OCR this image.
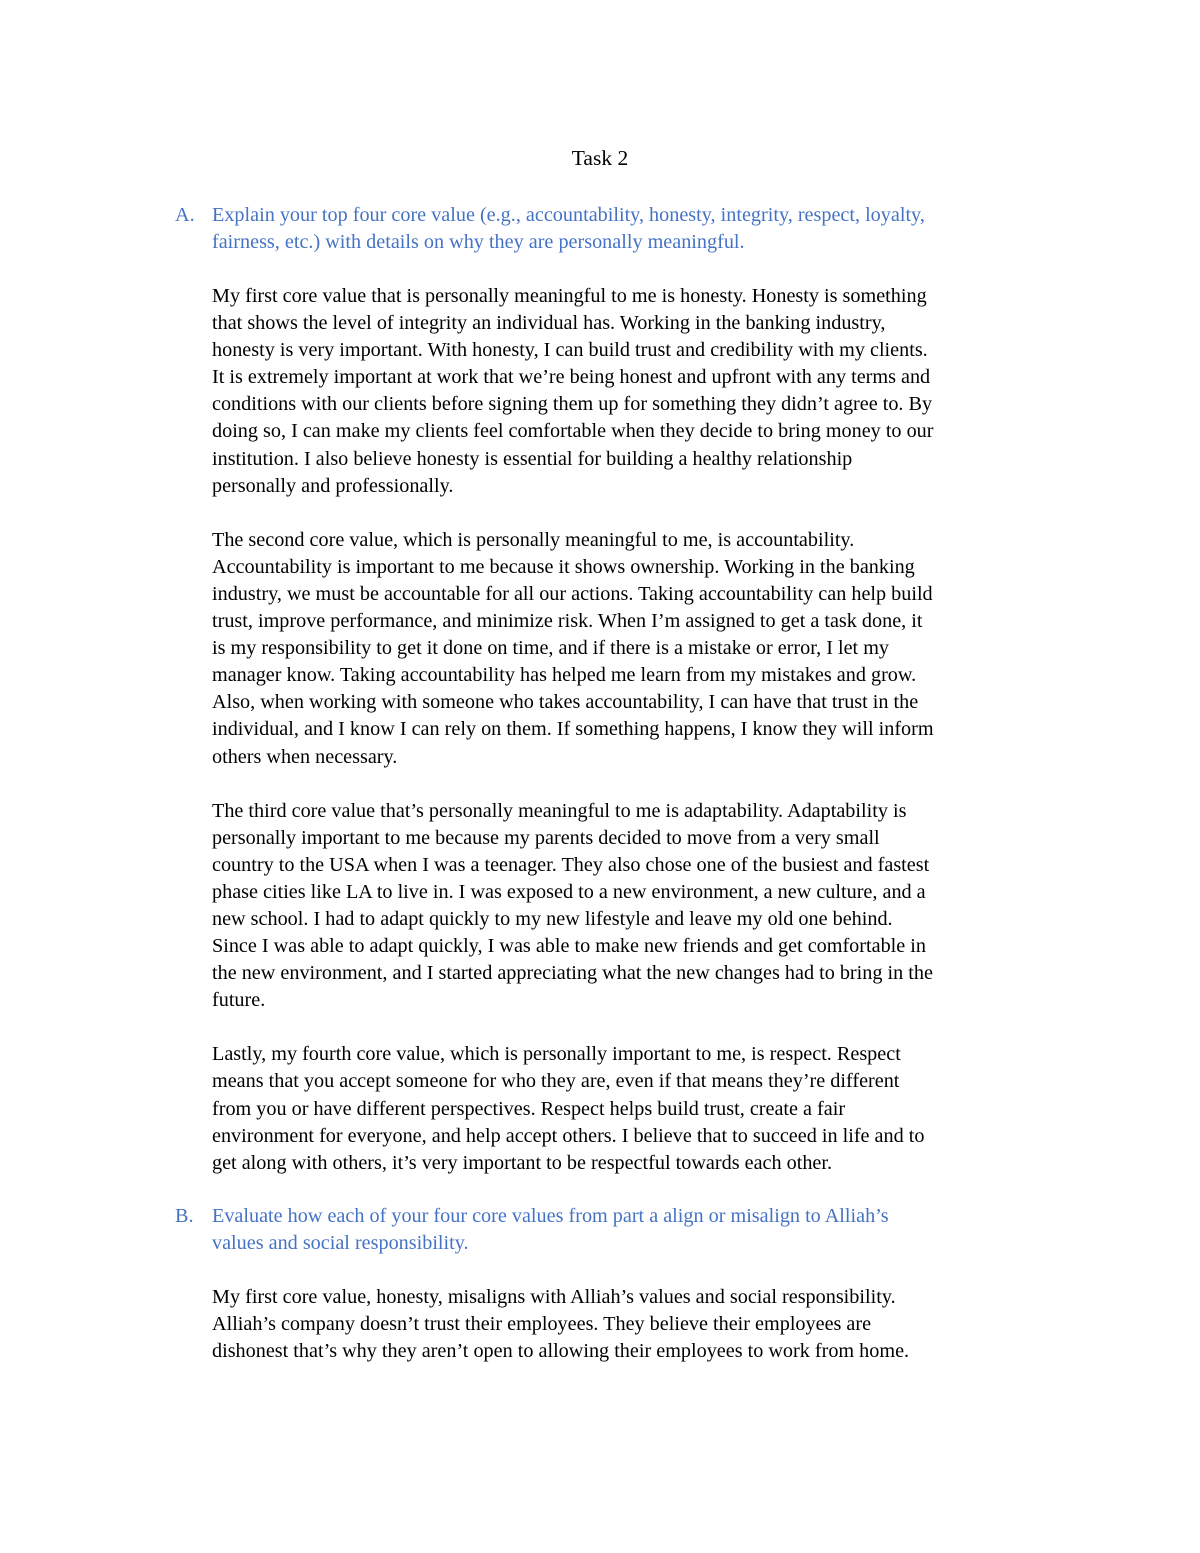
Task 2
A. Explain your top four core value (e.g., accountability, honesty, integrity, respect, loyalty,
fairness, etc.) with details on why they are personally meaningful.
My first core value that is personally meaningful to me is honesty. Honesty is something
that shows the level of integrity an individual has. Working in the banking industry,
honesty is very important. With honesty, I can build trust and credibility with my clients.
It is extremely important at work that we’re being honest and upfront with any terms and
conditions with our clients before signing them up for something they didn’t agree to. By
doing so, I can make my clients feel comfortable when they decide to bring money to our
institution. I also believe honesty is essential for building a healthy relationship
personally and professionally.
The second core value, which is personally meaningful to me, is accountability.
Accountability is important to me because it shows ownership. Working in the banking
industry, we must be accountable for all our actions. Taking accountability can help build
trust, improve performance, and minimize risk. When I’m assigned to get a task done, it
is my responsibility to get it done on time, and if there is a mistake or error, I let my
manager know. Taking accountability has helped me learn from my mistakes and grow.
Also, when working with someone who takes accountability, I can have that trust in the
individual, and I know I can rely on them. If something happens, I know they will inform
others when necessary.
The third core value that’s personally meaningful to me is adaptability. Adaptability is
personally important to me because my parents decided to move from a very small
country to the USA when I was a teenager. They also chose one of the busiest and fastest
phase cities like LA to live in. I was exposed to a new environment, a new culture, and a
new school. I had to adapt quickly to my new lifestyle and leave my old one behind.
Since I was able to adapt quickly, I was able to make new friends and get comfortable in
the new environment, and I started appreciating what the new changes had to bring in the
future.
Lastly, my fourth core value, which is personally important to me, is respect. Respect
means that you accept someone for who they are, even if that means they’re different
from you or have different perspectives. Respect helps build trust, create a fair
environment for everyone, and help accept others. I believe that to succeed in life and to
get along with others, it’s very important to be respectful towards each other.
B. Evaluate how each of your four core values from part a align or misalign to Alliah’s
values and social responsibility.
My first core value, honesty, misaligns with Alliah’s values and social responsibility.
Alliah’s company doesn’t trust their employees. They believe their employees are
dishonest that’s why they aren’t open to allowing their employees to work from home.
